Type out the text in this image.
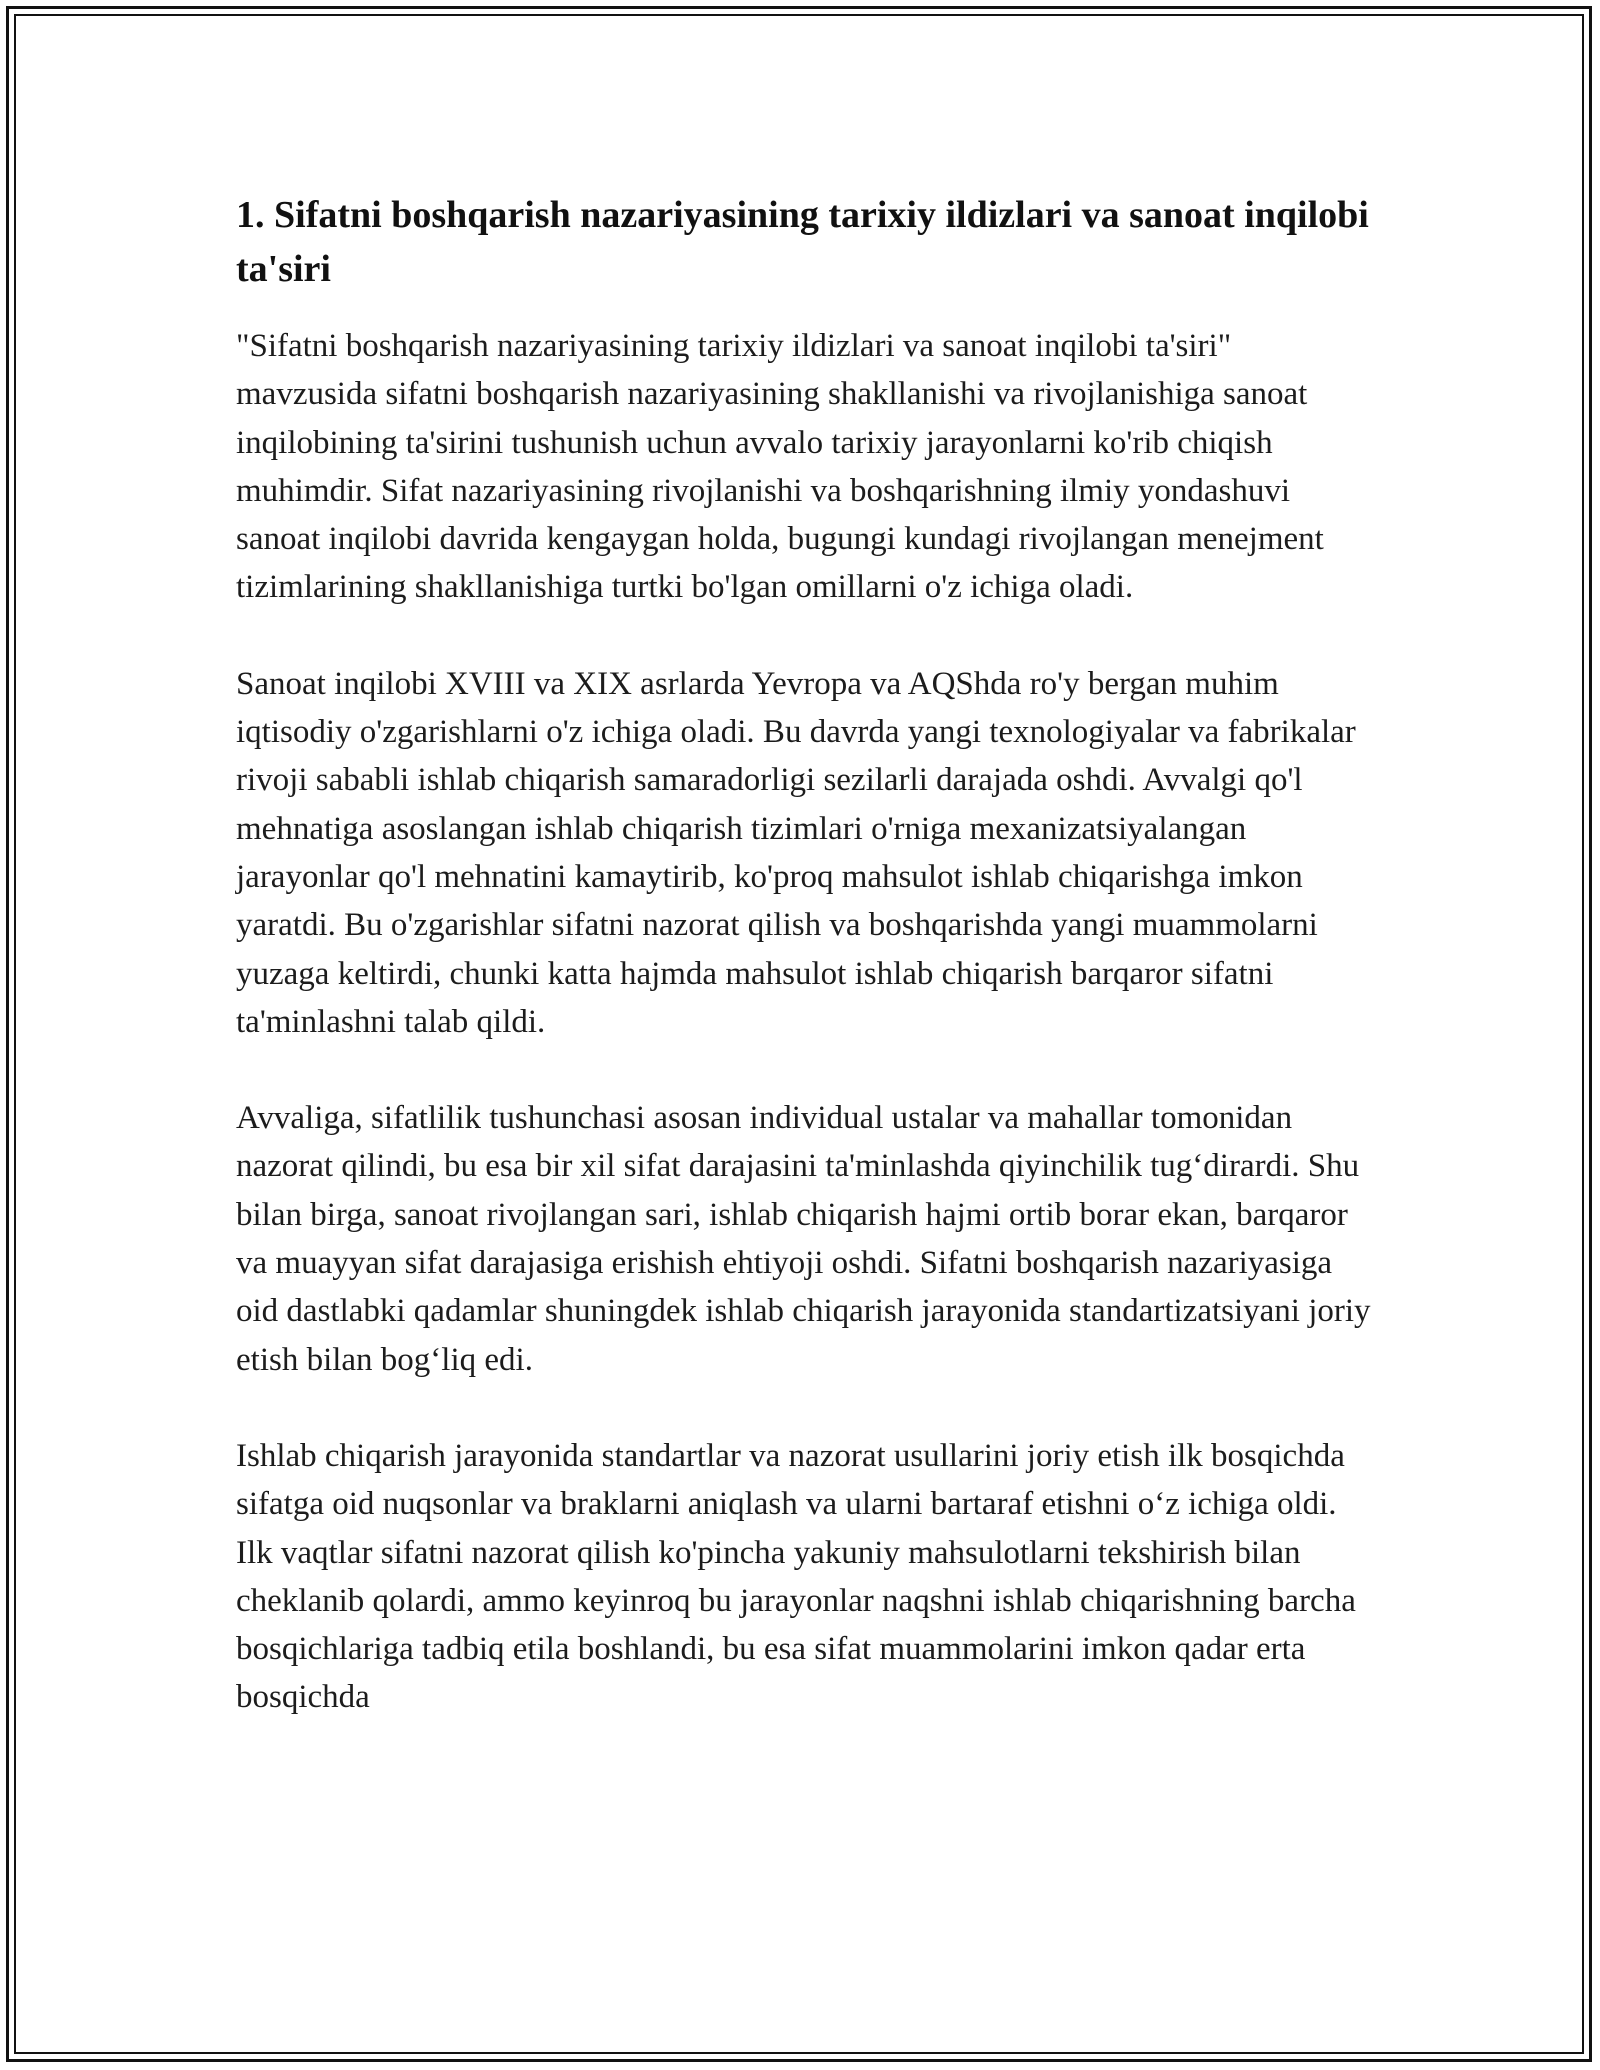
1. Sifatni boshqarish nazariyasining tarixiy ildizlari va sanoat inqilobi ta'siri

"Sifatni boshqarish nazariyasining tarixiy ildizlari va sanoat inqilobi ta'siri" mavzusida sifatni boshqarish nazariyasining shakllanishi va rivojlanishiga sanoat inqilobining ta'sirini tushunish uchun avvalo tarixiy jarayonlarni ko'rib chiqish muhimdir. Sifat nazariyasining rivojlanishi va boshqarishning ilmiy yondashuvi sanoat inqilobi davrida kengaygan holda, bugungi kundagi rivojlangan menejment tizimlarining shakllanishiga turtki bo'lgan omillarni o'z ichiga oladi.

Sanoat inqilobi XVIII va XIX asrlarda Yevropa va AQShda ro'y bergan muhim iqtisodiy o'zgarishlarni o'z ichiga oladi. Bu davrda yangi texnologiyalar va fabrikalar rivoji sababli ishlab chiqarish samaradorligi sezilarli darajada oshdi. Avvalgi qo'l mehnatiga asoslangan ishlab chiqarish tizimlari o'rniga mexanizatsiyalangan jarayonlar qo'l mehnatini kamaytirib, ko'proq mahsulot ishlab chiqarishga imkon yaratdi. Bu o'zgarishlar sifatni nazorat qilish va boshqarishda yangi muammolarni yuzaga keltirdi, chunki katta hajmda mahsulot ishlab chiqarish barqaror sifatni ta'minlashni talab qildi.

Avvaliga, sifatlilik tushunchasi asosan individual ustalar va mahallar tomonidan nazorat qilindi, bu esa bir xil sifat darajasini ta'minlashda qiyinchilik tug‘dirardi. Shu bilan birga, sanoat rivojlangan sari, ishlab chiqarish hajmi ortib borar ekan, barqaror va muayyan sifat darajasiga erishish ehtiyoji oshdi. Sifatni boshqarish nazariyasiga oid dastlabki qadamlar shuningdek ishlab chiqarish jarayonida standartizatsiyani joriy etish bilan bog‘liq edi.

Ishlab chiqarish jarayonida standartlar va nazorat usullarini joriy etish ilk bosqichda sifatga oid nuqsonlar va braklarni aniqlash va ularni bartaraf etishni o‘z ichiga oldi. Ilk vaqtlar sifatni nazorat qilish ko'pincha yakuniy mahsulotlarni tekshirish bilan cheklanib qolardi, ammo keyinroq bu jarayonlar naqshni ishlab chiqarishning barcha bosqichlariga tadbiq etila boshlandi, bu esa sifat muammolarini imkon qadar erta bosqichda
